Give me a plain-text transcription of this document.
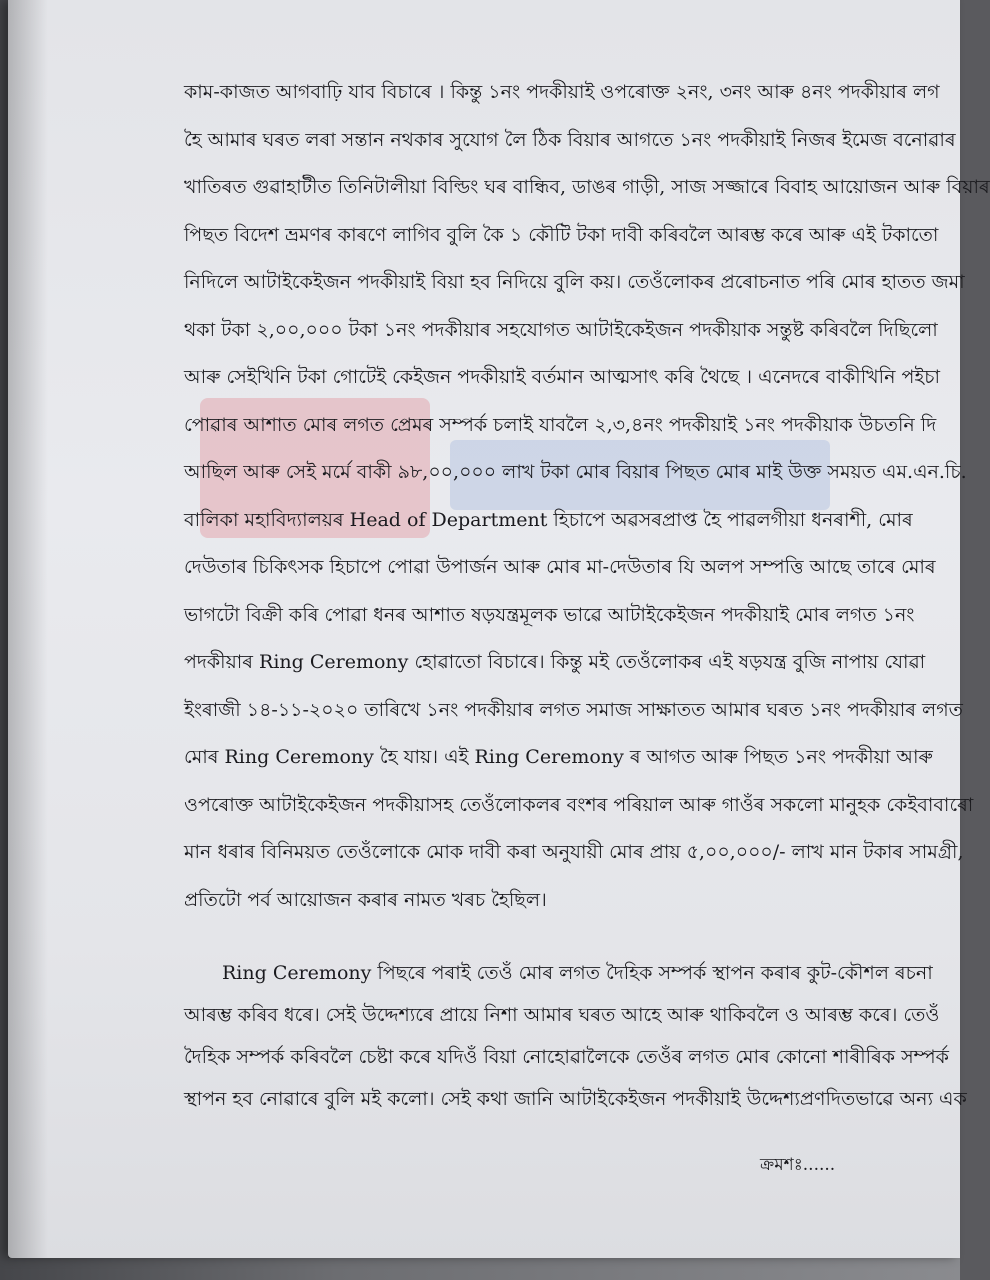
কাম-কাজত আগবাঢ়ি যাব বিচাৰে । কিন্তু ১নং পদকীয়াই ওপৰোক্ত ২নং, ৩নং আৰু ৪নং পদকীয়াৰ লগ

হৈ আমাৰ ঘৰত লৰা সন্তান নথকাৰ সুযোগ লৈ ঠিক বিয়াৰ আগতে ১নং পদকীয়াই নিজৰ ইমেজ বনোৱাৰ

খাতিৰত গুৱাহাটীত তিনিটালীয়া বিল্ডিং ঘৰ বান্ধিব, ডাঙৰ গাড়ী, সাজ সজ্জাৰে বিবাহ আয়োজন আৰু বিয়াৰ

পিছত বিদেশ ভ্ৰমণৰ কাৰণে লাগিব বুলি কৈ ১ কৌটি টকা দাবী কৰিবলৈ আৰম্ভ কৰে আৰু এই টকাতো

নিদিলে আটাইকেইজন পদকীয়াই বিয়া হব নিদিয়ে বুলি কয়। তেওঁলোকৰ প্ৰৰোচনাত পৰি মোৰ হাতত জমা

থকা টকা ২,০০,০০০ টকা ১নং পদকীয়াৰ সহযোগত আটাইকেইজন পদকীয়াক সন্তুষ্ট কৰিবলৈ দিছিলো

আৰু সেইখিনি টকা গোটেই কেইজন পদকীয়াই বৰ্তমান আত্মসাৎ কৰি থৈছে । এনেদৰে বাকীখিনি পইচা

পোৱাৰ আশাত মোৰ লগত প্ৰেমৰ সম্পৰ্ক চলাই যাবলৈ ২,৩,৪নং পদকীয়াই ১নং পদকীয়াক উচতনি দি

আছিল আৰু সেই মৰ্মে বাকী ৯৮,০০,০০০ লাখ টকা মোৰ বিয়াৰ পিছত মোৰ মাই উক্ত সময়ত এম.এন.চি.

বালিকা মহাবিদ্যালয়ৰ Head of Department হিচাপে অৱসৰপ্ৰাপ্ত হৈ পাৱলগীয়া ধনৰাশী, মোৰ

দেউতাৰ চিকিৎসক হিচাপে পোৱা উপাৰ্জন আৰু মোৰ মা-দেউতাৰ যি অলপ সম্পত্তি আছে তাৰে মোৰ

ভাগটো বিক্ৰী কৰি পোৱা ধনৰ আশাত ষড়যন্ত্ৰমূলক ভাৱে আটাইকেইজন পদকীয়াই মোৰ লগত ১নং

পদকীয়াৰ Ring Ceremony হোৱাতো বিচাৰে। কিন্তু মই তেওঁলোকৰ এই ষড়যন্ত্ৰ বুজি নাপায় যোৱা

ইংৰাজী ১৪-১১-২০২০ তাৰিখে ১নং পদকীয়াৰ লগত সমাজ সাক্ষাতত আমাৰ ঘৰত ১নং পদকীয়াৰ লগত

মোৰ Ring Ceremony হৈ যায়। এই Ring Ceremony ৰ আগত আৰু পিছত ১নং পদকীয়া আৰু

ওপৰোক্ত আটাইকেইজন পদকীয়াসহ তেওঁলোকলৰ বংশৰ পৰিয়াল আৰু গাওঁৰ সকলো মানুহক কেইবাবাৰো

মান ধৰাৰ বিনিময়ত তেওঁলোকে মোক দাবী কৰা অনুযায়ী মোৰ প্ৰায় ৫,০০,০০০/- লাখ মান টকাৰ সামগ্ৰী,

প্ৰতিটো পৰ্ব আয়োজন কৰাৰ নামত খৰচ হৈছিল।

Ring Ceremony পিছৰে পৰাই তেওঁ মোৰ লগত দৈহিক সম্পৰ্ক স্থাপন কৰাৰ কুট-কৌশল ৰচনা

আৰম্ভ কৰিব ধৰে। সেই উদ্দেশ্যৰে প্ৰায়ে নিশা আমাৰ ঘৰত আহে আৰু থাকিবলৈ ও আৰম্ভ কৰে। তেওঁ

দৈহিক সম্পৰ্ক কৰিবলৈ চেষ্টা কৰে যদিওঁ বিয়া নোহোৱালৈকে তেওঁৰ লগত মোৰ কোনো শাৰীৰিক সম্পৰ্ক

স্থাপন হব নোৱাৰে বুলি মই কলো। সেই কথা জানি আটাইকেইজন পদকীয়াই উদ্দেশ্যপ্ৰণদিতভাৱে অন্য এক

ক্ৰমশঃ......
